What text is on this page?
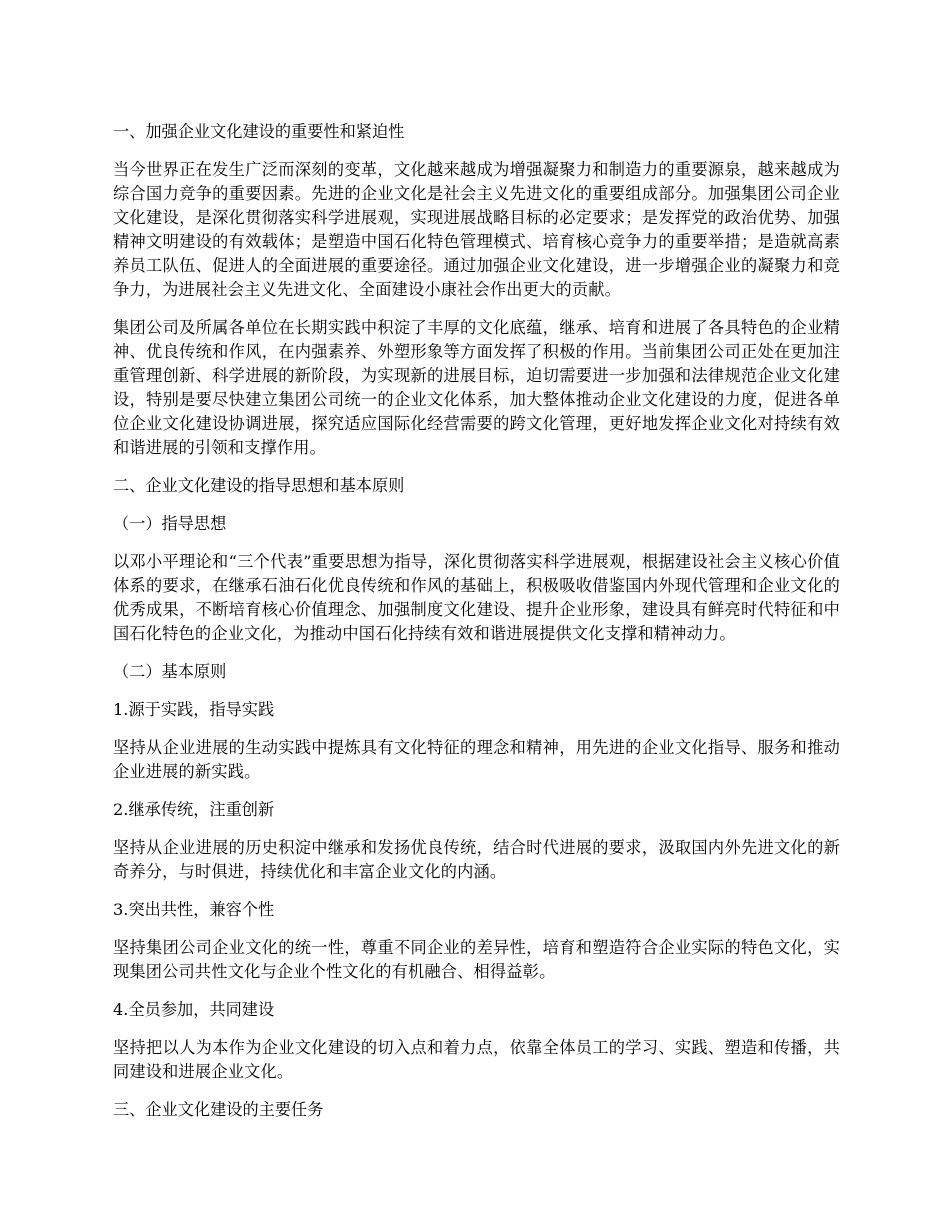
一、加强企业文化建设的重要性和紧迫性
当今世界正在发生广泛而深刻的变革，文化越来越成为增强凝聚力和制造力的重要源泉，越来越成为综合国力竞争的重要因素。先进的企业文化是社会主义先进文化的重要组成部分。加强集团公司企业文化建设，是深化贯彻落实科学进展观，实现进展战略目标的必定要求；是发挥党的政治优势、加强精神文明建设的有效载体；是塑造中国石化特色管理模式、培育核心竞争力的重要举措；是造就高素养员工队伍、促进人的全面进展的重要途径。通过加强企业文化建设，进一步增强企业的凝聚力和竞争力，为进展社会主义先进文化、全面建设小康社会作出更大的贡献。
集团公司及所属各单位在长期实践中积淀了丰厚的文化底蕴，继承、培育和进展了各具特色的企业精神、优良传统和作风，在内强素养、外塑形象等方面发挥了积极的作用。当前集团公司正处在更加注重管理创新、科学进展的新阶段，为实现新的进展目标，迫切需要进一步加强和法律规范企业文化建设，特别是要尽快建立集团公司统一的企业文化体系，加大整体推动企业文化建设的力度，促进各单位企业文化建设协调进展，探究适应国际化经营需要的跨文化管理，更好地发挥企业文化对持续有效和谐进展的引领和支撑作用。
二、企业文化建设的指导思想和基本原则
（一）指导思想
以邓小平理论和“三个代表”重要思想为指导，深化贯彻落实科学进展观，根据建设社会主义核心价值体系的要求，在继承石油石化优良传统和作风的基础上，积极吸收借鉴国内外现代管理和企业文化的优秀成果，不断培育核心价值理念、加强制度文化建设、提升企业形象，建设具有鲜亮时代特征和中国石化特色的企业文化，为推动中国石化持续有效和谐进展提供文化支撑和精神动力。
（二）基本原则
1.源于实践，指导实践
坚持从企业进展的生动实践中提炼具有文化特征的理念和精神，用先进的企业文化指导、服务和推动企业进展的新实践。
2.继承传统，注重创新
坚持从企业进展的历史积淀中继承和发扬优良传统，结合时代进展的要求，汲取国内外先进文化的新奇养分，与时俱进，持续优化和丰富企业文化的内涵。
3.突出共性，兼容个性
坚持集团公司企业文化的统一性，尊重不同企业的差异性，培育和塑造符合企业实际的特色文化，实现集团公司共性文化与企业个性文化的有机融合、相得益彰。
4.全员参加，共同建设
坚持把以人为本作为企业文化建设的切入点和着力点，依靠全体员工的学习、实践、塑造和传播，共同建设和进展企业文化。
三、企业文化建设的主要任务
